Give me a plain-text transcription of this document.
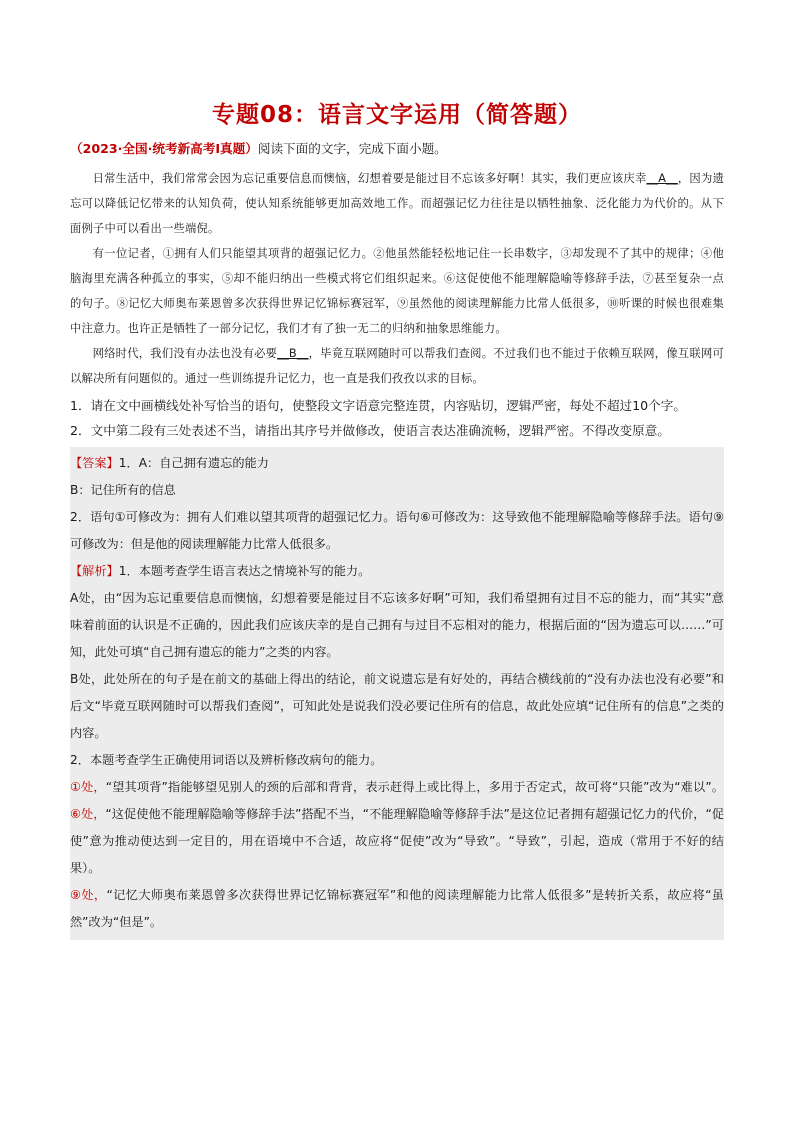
专题08：语言文字运用（简答题）
（2023·全国·统考新高考Ⅰ真题）阅读下面的文字，完成下面小题。

日常生活中，我们常常会因为忘记重要信息而懊恼，幻想着要是能过目不忘该多好啊！其实，我们更应该庆幸__A__，因为遗忘可以降低记忆带来的认知负荷，使认知系统能够更加高效地工作。而超强记忆力往往是以牺牲抽象、泛化能力为代价的。从下面例子中可以看出一些端倪。

有一位记者，①拥有人们只能望其项背的超强记忆力。②他虽然能轻松地记住一长串数字，③却发现不了其中的规律；④他脑海里充满各种孤立的事实，⑤却不能归纳出一些模式将它们组织起来。⑥这促使他不能理解隐喻等修辞手法，⑦甚至复杂一点的句子。⑧记忆大师奥布莱恩曾多次获得世界记忆锦标赛冠军，⑨虽然他的阅读理解能力比常人低很多，⑩听课的时候也很难集中注意力。也许正是牺牲了一部分记忆，我们才有了独一无二的归纳和抽象思维能力。

网络时代，我们没有办法也没有必要__B__，毕竟互联网随时可以帮我们查阅。不过我们也不能过于依赖互联网，像互联网可以解决所有问题似的。通过一些训练提升记忆力，也一直是我们孜孜以求的目标。

1．请在文中画横线处补写恰当的语句，使整段文字语意完整连贯，内容贴切，逻辑严密，每处不超过10个字。

2．文中第二段有三处表述不当，请指出其序号并做修改，使语言表达准确流畅，逻辑严密。不得改变原意。

【答案】1．A：自己拥有遗忘的能力

B：记住所有的信息

2．语句①可修改为：拥有人们难以望其项背的超强记忆力。语句⑥可修改为：这导致他不能理解隐喻等修辞手法。语句⑨可修改为：但是他的阅读理解能力比常人低很多。

【解析】1．本题考查学生语言表达之情境补写的能力。

A处，由“因为忘记重要信息而懊恼，幻想着要是能过目不忘该多好啊”可知，我们希望拥有过目不忘的能力，而“其实”意味着前面的认识是不正确的，因此我们应该庆幸的是自己拥有与过目不忘相对的能力，根据后面的“因为遗忘可以……”可知，此处可填“自己拥有遗忘的能力”之类的内容。

B处，此处所在的句子是在前文的基础上得出的结论，前文说遗忘是有好处的，再结合横线前的“没有办法也没有必要”和后文“毕竟互联网随时可以帮我们查阅”，可知此处是说我们没必要记住所有的信息，故此处应填“记住所有的信息”之类的内容。

2．本题考查学生正确使用词语以及辨析修改病句的能力。

①处，“望其项背”指能够望见别人的颈的后部和背背，表示赶得上或比得上，多用于否定式，故可将“只能”改为“难以”。⑥处，“这促使他不能理解隐喻等修辞手法”搭配不当，“不能理解隐喻等修辞手法”是这位记者拥有超强记忆力的代价，“促使”意为推动使达到一定目的，用在语境中不合适，故应将“促使”改为“导致”。“导致”，引起，造成（常用于不好的结果）。

⑨处，“记忆大师奥布莱恩曾多次获得世界记忆锦标赛冠军”和他的阅读理解能力比常人低很多”是转折关系，故应将“虽然”改为“但是”。
